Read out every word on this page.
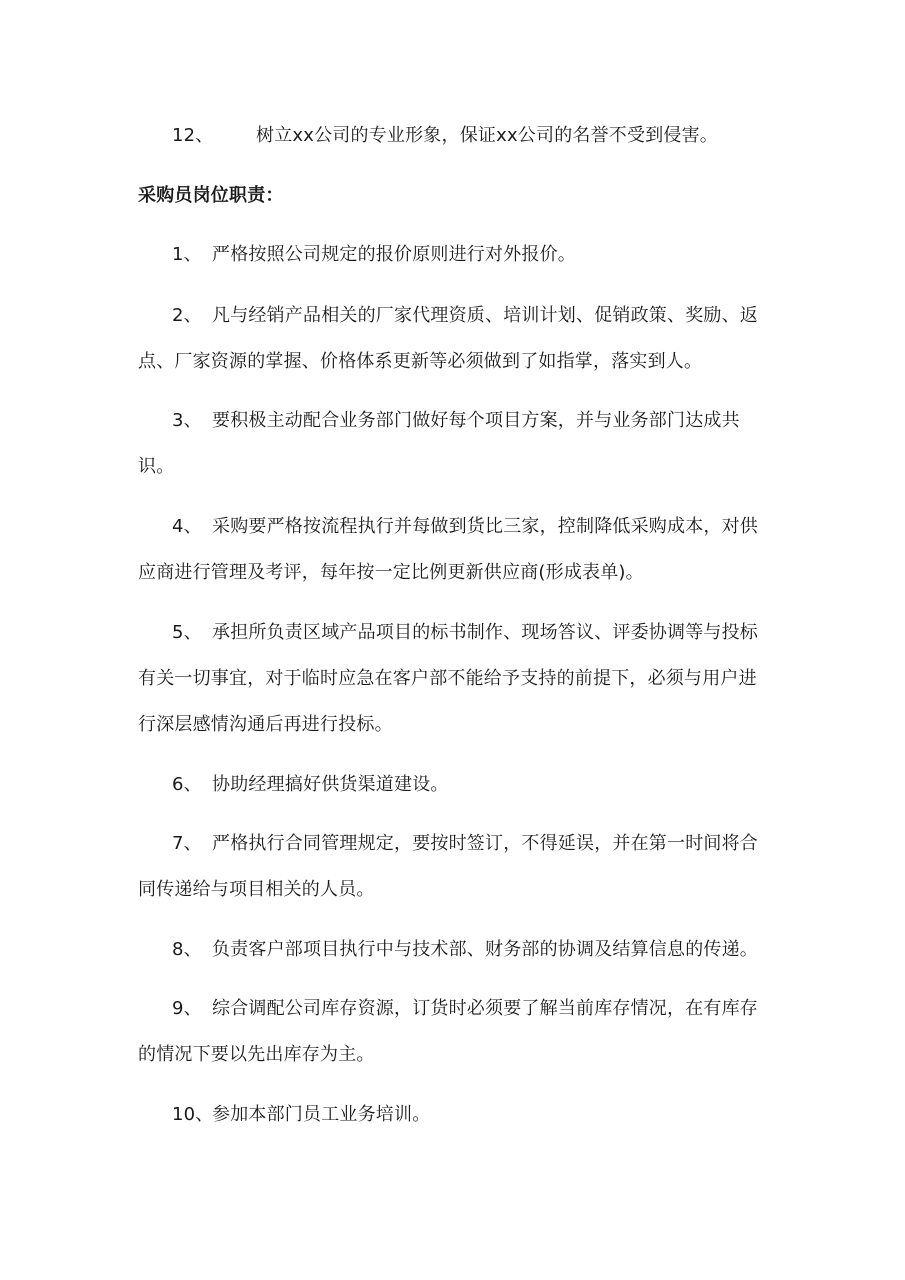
12、 树立xx公司的专业形象，保证xx公司的名誉不受到侵害。
采购员岗位职责：
1、 严格按照公司规定的报价原则进行对外报价。
2、 凡与经销产品相关的厂家代理资质、培训计划、促销政策、奖励、返
点、厂家资源的掌握、价格体系更新等必须做到了如指掌，落实到人。
3、 要积极主动配合业务部门做好每个项目方案，并与业务部门达成共
识。
4、 采购要严格按流程执行并每做到货比三家，控制降低采购成本，对供
应商进行管理及考评，每年按一定比例更新供应商(形成表单)。
5、 承担所负责区域产品项目的标书制作、现场答议、评委协调等与投标
有关一切事宜，对于临时应急在客户部不能给予支持的前提下，必须与用户进
行深层感情沟通后再进行投标。
6、 协助经理搞好供货渠道建设。
7、 严格执行合同管理规定，要按时签订，不得延误，并在第一时间将合
同传递给与项目相关的人员。
8、 负责客户部项目执行中与技术部、财务部的协调及结算信息的传递。
9、 综合调配公司库存资源，订货时必须要了解当前库存情况，在有库存
的情况下要以先出库存为主。
10、参加本部门员工业务培训。
